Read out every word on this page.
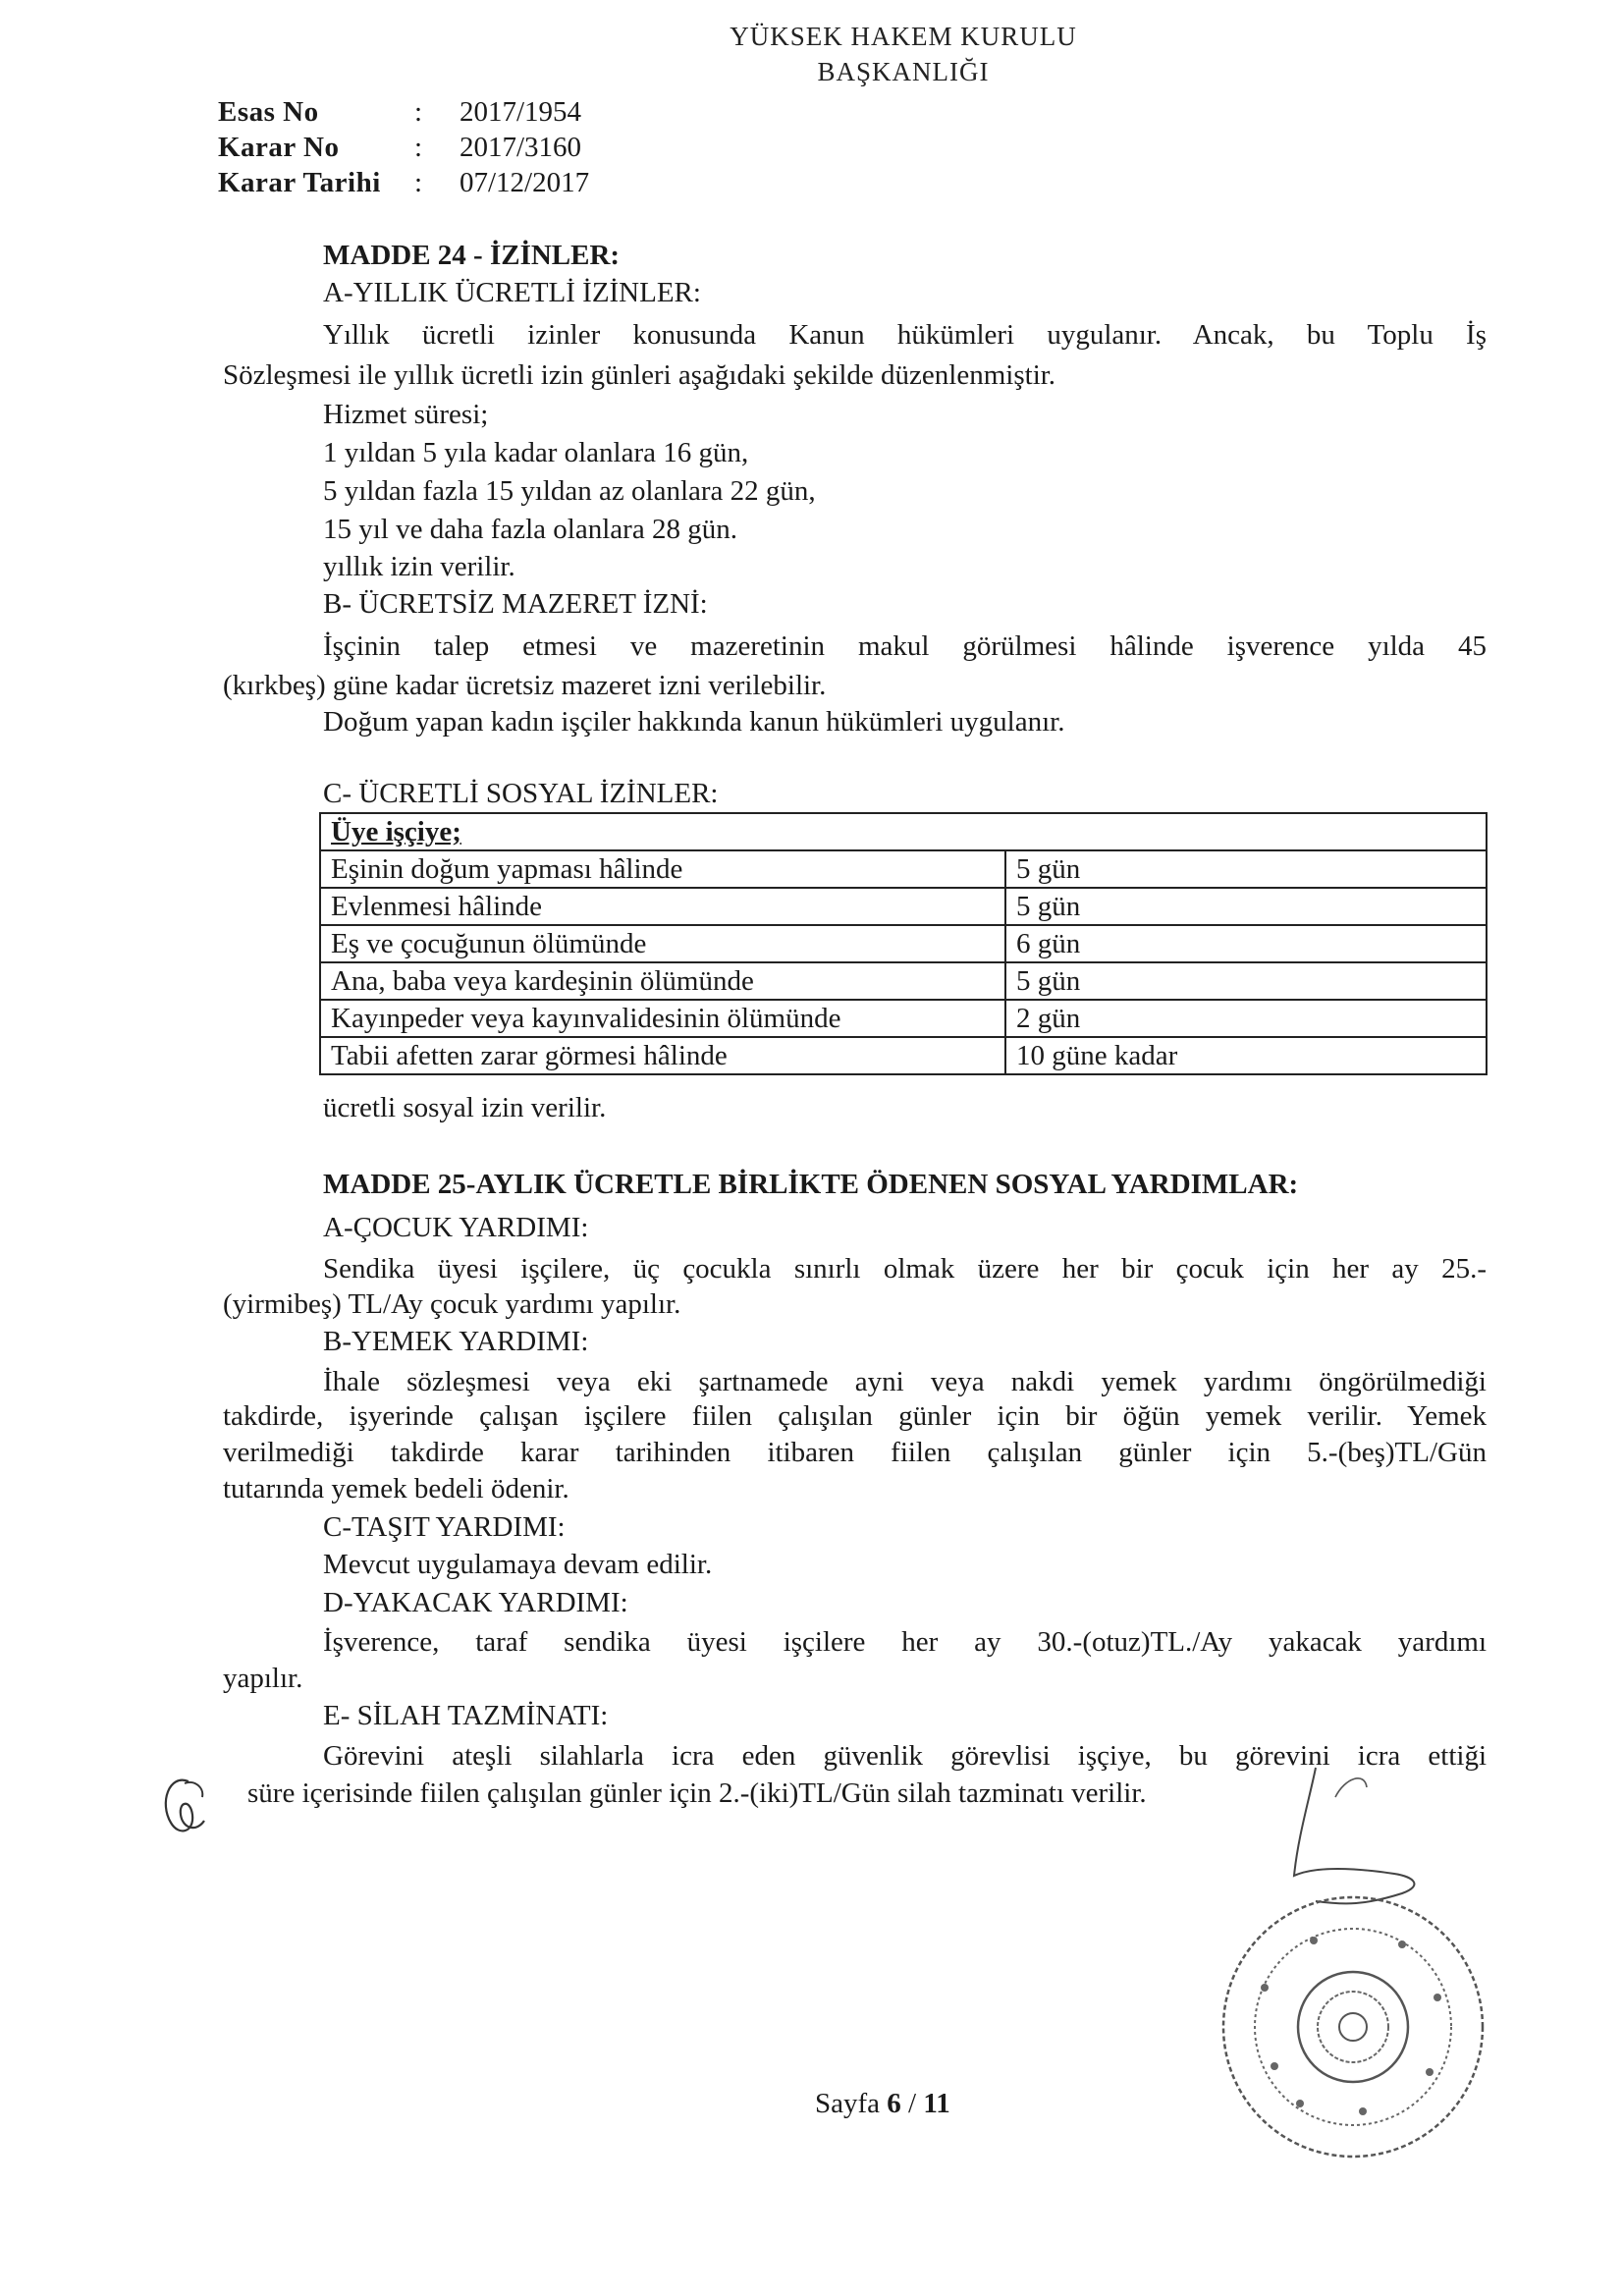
YÜKSEK HAKEM KURULU
BAŞKANLIĞI
Esas No	: 2017/1954
Karar No	: 2017/3160
Karar Tarihi : 07/12/2017
MADDE 24 - İZİNLER:
A-YILLIK ÜCRETLİ İZİNLER:
Yıllık ücretli izinler konusunda Kanun hükümleri uygulanır. Ancak, bu Toplu İş
Sözleşmesi ile yıllık ücretli izin günleri aşağıdaki şekilde düzenlenmiştir.
Hizmet süresi;
1 yıldan 5 yıla kadar olanlara 16 gün,
5 yıldan fazla 15 yıldan az olanlara 22 gün,
15 yıl ve daha fazla olanlara 28 gün.
yıllık izin verilir.
B- ÜCRETSİZ MAZERET İZNİ:
İşçinin talep etmesi ve mazeretinin makul görülmesi hâlinde işverence yılda 45
(kırkbeş) güne kadar ücretsiz mazeret izni verilebilir.
Doğum yapan kadın işçiler hakkında kanun hükümleri uygulanır.
C- ÜCRETLİ SOSYAL İZİNLER:
Üye işçiye;	
Eşinin doğum yapması hâlinde	5 gün
Evlenmesi hâlinde	5 gün
Eş ve çocuğunun ölümünde	6 gün
Ana, baba veya kardeşinin ölümünde	5 gün
Kayınpeder veya kayınvalidesinin ölümünde	2 gün
Tabii afetten zarar görmesi hâlinde	10 güne kadar
ücretli sosyal izin verilir.
MADDE 25-AYLIK ÜCRETLE BİRLİKTE ÖDENEN SOSYAL YARDIMLAR:
A-ÇOCUK YARDIMI:
Sendika üyesi işçilere, üç çocukla sınırlı olmak üzere her bir çocuk için her ay 25.-
(yirmibeş) TL/Ay çocuk yardımı yapılır.
B-YEMEK YARDIMI:
İhale sözleşmesi veya eki şartnamede ayni veya nakdi yemek yardımı öngörülmediği
takdirde, işyerinde çalışan işçilere fiilen çalışılan günler için bir öğün yemek verilir. Yemek
verilmediği takdirde karar tarihinden itibaren fiilen çalışılan günler için 5.-(beş)TL/Gün
tutarında yemek bedeli ödenir.
C-TAŞIT YARDIMI:
Mevcut uygulamaya devam edilir.
D-YAKACAK YARDIMI:
İşverence, taraf sendika üyesi işçilere her ay 30.-(otuz)TL./Ay yakacak yardımı
yapılır.
E- SİLAH TAZMİNATI:
Görevini ateşli silahlarla icra eden güvenlik görevlisi işçiye, bu görevini icra ettiği
süre içerisinde fiilen çalışılan günler için 2.-(iki)TL/Gün silah tazminatı verilir.
Sayfa 6 / 11
